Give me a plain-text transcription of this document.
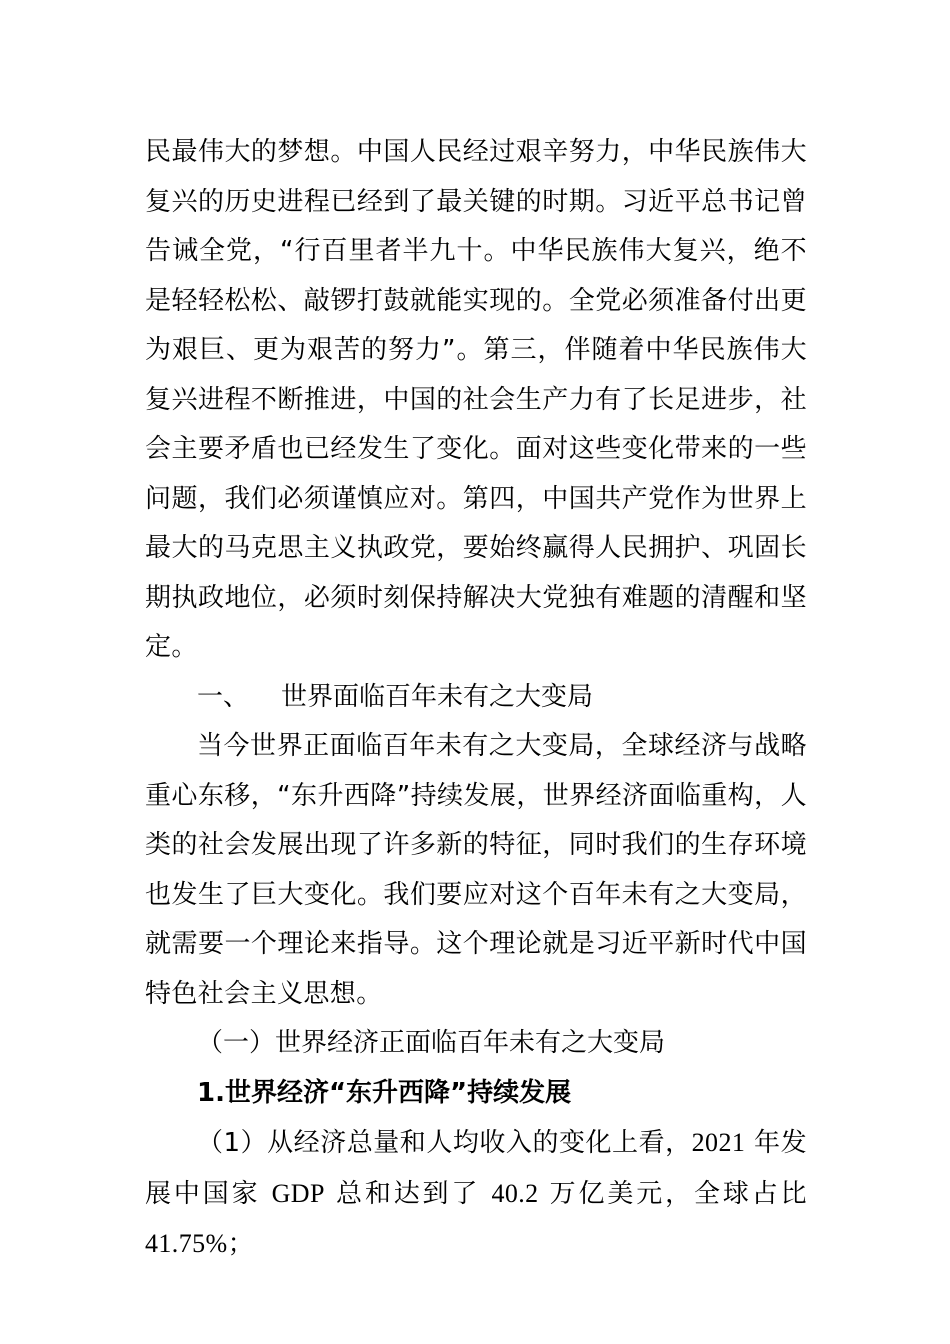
民最伟大的梦想。中国人民经过艰辛努力，中华民族伟大复兴的历史进程已经到了最关键的时期。习近平总书记曾告诫全党，“行百里者半九十。中华民族伟大复兴，绝不是轻轻松松、敲锣打鼓就能实现的。全党必须准备付出更为艰巨、更为艰苦的努力”。第三，伴随着中华民族伟大复兴进程不断推进，中国的社会生产力有了长足进步，社会主要矛盾也已经发生了变化。面对这些变化带来的一些问题，我们必须谨慎应对。第四，中国共产党作为世界上最大的马克思主义执政党，要始终赢得人民拥护、巩固长期执政地位，必须时刻保持解决大党独有难题的清醒和坚定。

一、 世界面临百年未有之大变局

当今世界正面临百年未有之大变局，全球经济与战略重心东移，“东升西降”持续发展，世界经济面临重构，人类的社会发展出现了许多新的特征，同时我们的生存环境也发生了巨大变化。我们要应对这个百年未有之大变局，就需要一个理论来指导。这个理论就是习近平新时代中国特色社会主义思想。

（一）世界经济正面临百年未有之大变局

1.世界经济“东升西降”持续发展

（1）从经济总量和人均收入的变化上看，2021 年发展中国家 GDP 总和达到了 40.2 万亿美元，全球占比 41.75%；
